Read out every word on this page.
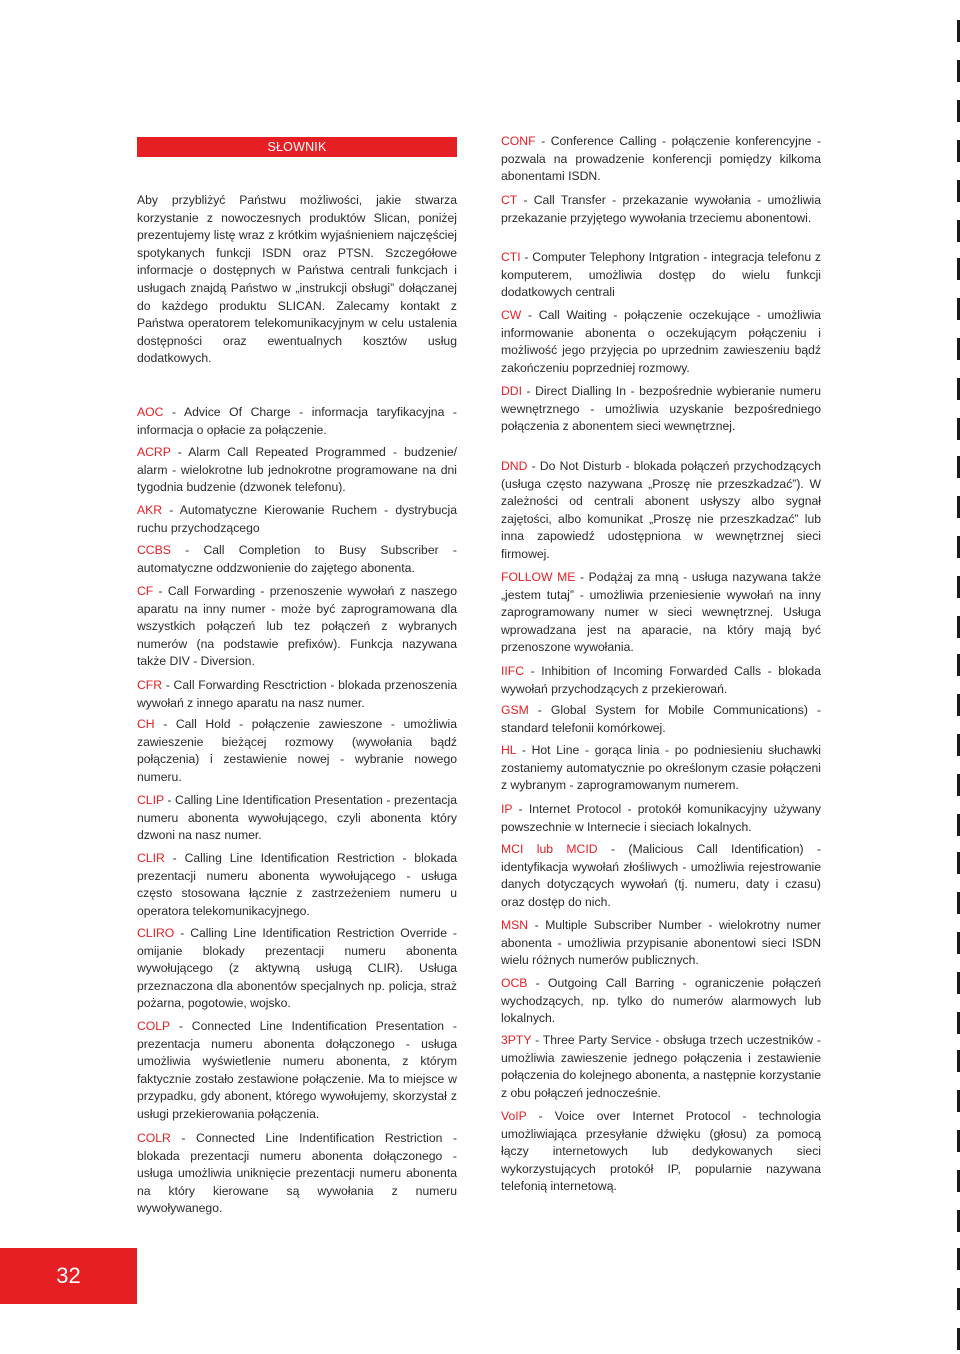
SŁOWNIK

Aby przybliżyć Państwu możliwości, jakie stwarza korzystanie z nowoczesnych produktów Slican, poniżej prezentujemy listę wraz z krótkim wyjaśnieniem najczęściej spotykanych funkcji ISDN oraz PTSN. Szczegółowe informacje o dostępnych w Państwa centrali funkcjach i usługach znajdą Państwo w „instrukcji obsługi” dołączanej do każdego produktu SLICAN. Zalecamy kontakt z Państwa operatorem telekomunikacyjnym w celu ustalenia dostępności oraz ewentualnych kosztów usług dodatkowych.

AOC - Advice Of Charge - informacja taryfikacyjna - informacja o opłacie za połączenie.

ACRP - Alarm Call Repeated Programmed - budzenie/ alarm - wielokrotne lub jednokrotne programowane na dni tygodnia budzenie (dzwonek telefonu).

AKR - Automatyczne Kierowanie Ruchem - dystrybucja ruchu przychodzącego

CCBS - Call Completion to Busy Subscriber - automatyczne oddzwonienie do zajętego abonenta.

CF - Call Forwarding - przenoszenie wywołań z naszego aparatu na inny numer - może być zaprogramowana dla wszystkich połączeń lub tez połączeń z wybranych numerów (na podstawie prefixów). Funkcja nazywana także DIV - Diversion.

CFR - Call Forwarding Resctriction - blokada przenoszenia wywołań z innego aparatu na nasz numer.

CH - Call Hold - połączenie zawieszone - umożliwia zawieszenie bieżącej rozmowy (wywołania bądź połączenia) i zestawienie nowej - wybranie nowego numeru.

CLIP - Calling Line Identification Presentation - prezentacja numeru abonenta wywołującego, czyli abonenta który dzwoni na nasz numer.

CLIR - Calling Line Identification Restriction - blokada prezentacji numeru abonenta wywołującego - usługa często stosowana łącznie z zastrzeżeniem numeru u operatora telekomunikacyjnego.

CLIRO - Calling Line Identification Restriction Override - omijanie blokady prezentacji numeru abonenta wywołującego (z aktywną usługą CLIR). Usługa przeznaczona dla abonentów specjalnych np. policja, straż pożarna, pogotowie, wojsko.

COLP - Connected Line Indentification Presentation - prezentacja numeru abonenta dołączonego - usługa umożliwia wyświetlenie numeru abonenta, z którym faktycznie zostało zestawione połączenie. Ma to miejsce w przypadku, gdy abonent, którego wywołujemy, skorzystał z usługi przekierowania połączenia.

COLR - Connected Line Indentification Restriction - blokada prezentacji numeru abonenta dołączonego - usługa umożliwia uniknięcie prezentacji numeru abonenta na który kierowane są wywołania z numeru wywoływanego.

CONF - Conference Calling - połączenie konferencyjne - pozwala na prowadzenie konferencji pomiędzy kilkoma abonentami ISDN.

CT - Call Transfer - przekazanie wywołania - umożliwia przekazanie przyjętego wywołania trzeciemu abonentowi.

CTI - Computer Telephony Intgration - integracja telefonu z komputerem, umożliwia dostęp do wielu funkcji dodatkowych centrali

CW - Call Waiting - połączenie oczekujące - umożliwia informowanie abonenta o oczekującym połączeniu i możliwość jego przyjęcia po uprzednim zawieszeniu bądź zakończeniu poprzedniej rozmowy.

DDI - Direct Dialling In - bezpośrednie wybieranie numeru wewnętrznego - umożliwia uzyskanie bezpośredniego połączenia z abonentem sieci wewnętrznej.

DND - Do Not Disturb - blokada połączeń przychodzących (usługa często nazywana „Proszę nie przeszkadzać”). W zależności od centrali abonent usłyszy albo sygnał zajętości, albo komunikat „Proszę nie przeszkadzać” lub inna zapowiedź udostępniona w wewnętrznej sieci firmowej.

FOLLOW ME - Podążaj za mną - usługa nazywana także „jestem tutaj” - umożliwia przeniesienie wywołań na inny zaprogramowany numer w sieci wewnętrznej. Usługa wprowadzana jest na aparacie, na który mają być przenoszone wywołania.

IIFC - Inhibition of Incoming Forwarded Calls - blokada wywołań przychodzących z przekierowań.

GSM - Global System for Mobile Communications) - standard telefonii komórkowej.

HL - Hot Line - gorąca linia - po podniesieniu słuchawki zostaniemy automatycznie po określonym czasie połączeni z wybranym - zaprogramowanym numerem.

IP - Internet Protocol - protokół komunikacyjny używany powszechnie w Internecie i sieciach lokalnych.

MCI lub MCID - (Malicious Call Identification) - identyfikacja wywołań złośliwych - umożliwia rejestrowanie danych dotyczących wywołań (tj. numeru, daty i czasu) oraz dostęp do nich.

MSN - Multiple Subscriber Number - wielokrotny numer abonenta - umożliwia przypisanie abonentowi sieci ISDN wielu różnych numerów publicznych.

OCB - Outgoing Call Barring - ograniczenie połączeń wychodzących, np. tylko do numerów alarmowych lub lokalnych.

3PTY - Three Party Service - obsługa trzech uczestników - umożliwia zawieszenie jednego połączenia i zestawienie połączenia do kolejnego abonenta, a następnie korzystanie z obu połączeń jednocześnie.

VoIP - Voice over Internet Protocol - technologia umożliwiająca przesyłanie dźwięku (głosu) za pomocą łączy internetowych lub dedykowanych sieci wykorzystujących protokół IP, popularnie nazywana telefonią internetową.

32
